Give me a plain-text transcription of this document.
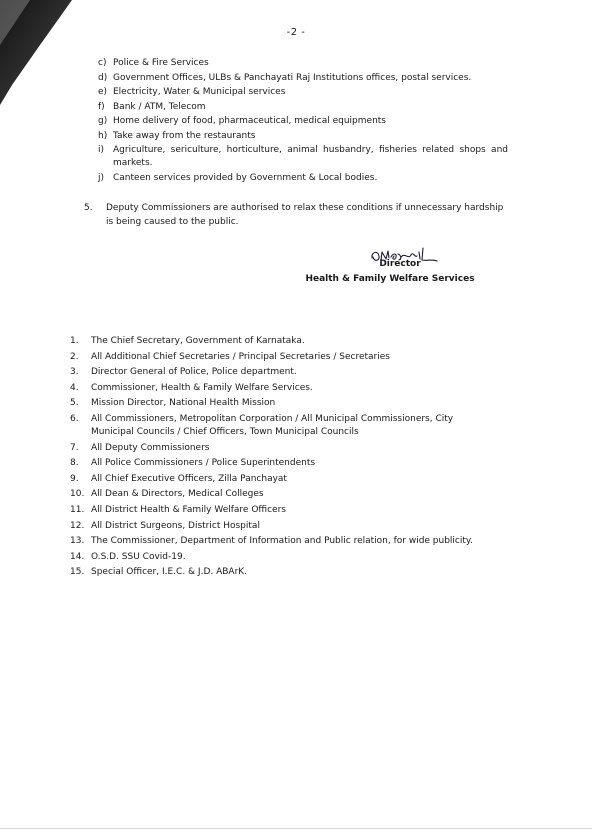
-2 -
c) Police & Fire Services
d) Government Offices, ULBs & Panchayati Raj Institutions offices, postal services.
e) Electricity, Water & Municipal services
f) Bank / ATM, Telecom
g) Home delivery of food, pharmaceutical, medical equipments
h) Take away from the restaurants
i) Agriculture, sericulture, horticulture, animal husbandry, fisheries related shops and markets.
j) Canteen services provided by Government & Local bodies.
5. Deputy Commissioners are authorised to relax these conditions if unnecessary hardship is being caused to the public.
Director
Health & Family Welfare Services
1. The Chief Secretary, Government of Karnataka.
2. All Additional Chief Secretaries / Principal Secretaries / Secretaries
3. Director General of Police, Police department.
4. Commissioner, Health & Family Welfare Services.
5. Mission Director, National Health Mission
6. All Commissioners, Metropolitan Corporation / All Municipal Commissioners, City Municipal Councils / Chief Officers, Town Municipal Councils
7. All Deputy Commissioners
8. All Police Commissioners / Police Superintendents
9. All Chief Executive Officers, Zilla Panchayat
10. All Dean & Directors, Medical Colleges
11. All District Health & Family Welfare Officers
12. All District Surgeons, District Hospital
13. The Commissioner, Department of Information and Public relation, for wide publicity.
14. O.S.D. SSU Covid-19.
15. Special Officer, I.E.C. & J.D. ABArK.
